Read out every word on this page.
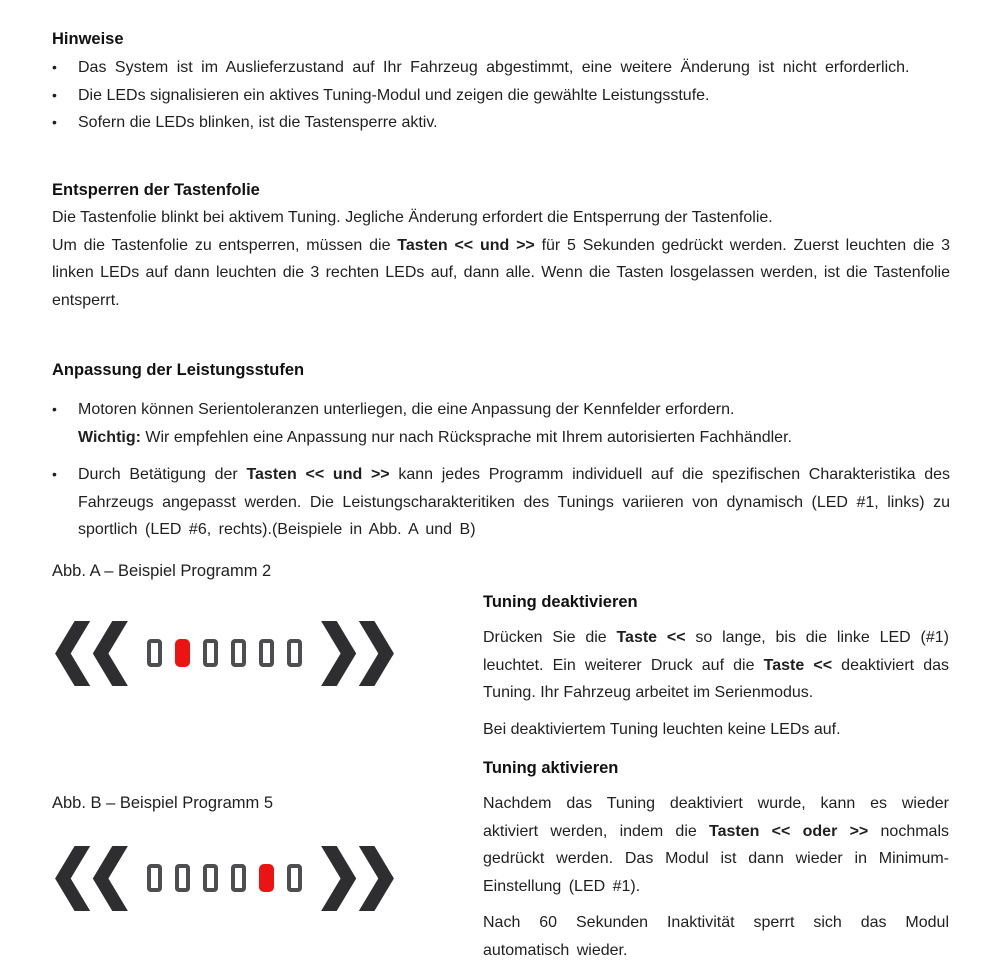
Hinweise
•	Das System ist im Auslieferzustand auf Ihr Fahrzeug abgestimmt, eine weitere Änderung ist nicht erforderlich.
•	Die LEDs signalisieren ein aktives Tuning-Modul und zeigen die gewählte Leistungsstufe.
•	Sofern die LEDs blinken, ist die Tastensperre aktiv.
Entsperren der Tastenfolie

Die Tastenfolie blinkt bei aktivem Tuning. Jegliche Änderung erfordert die Entsperrung der Tastenfolie.

Um die Tastenfolie zu entsperren, müssen die Tasten << und >> für 5 Sekunden gedrückt werden. Zuerst leuchten die 3 linken LEDs auf dann leuchten die 3 rechten LEDs auf, dann alle. Wenn die Tasten losgelassen werden, ist die Tastenfolie entsperrt.

Anpassung der Leistungsstufen
•	Motoren können Serientoleranzen unterliegen, die eine Anpassung der Kennfelder erfordern.
Wichtig: Wir empfehlen eine Anpassung nur nach Rücksprache mit Ihrem autorisierten Fachhändler.
•	Durch Betätigung der Tasten << und >> kann jedes Programm individuell auf die spezifischen Charakteristika des Fahrzeugs angepasst werden. Die Leistungscharakteritiken des Tunings variieren von dynamisch (LED #1, links) zu sportlich (LED #6, rechts).(Beispiele in Abb. A und B)
Abb. A – Beispiel Programm 2
Abb. B – Beispiel Programm 5
Tuning deaktivieren

Drücken Sie die Taste << so lange, bis die linke LED (#1) leuchtet. Ein weiterer Druck auf die Taste << deaktiviert das Tuning. Ihr Fahrzeug arbeitet im Serienmodus.

Bei deaktiviertem Tuning leuchten keine LEDs auf.

Tuning aktivieren

Nachdem das Tuning deaktiviert wurde, kann es wieder aktiviert werden, indem die Tasten << oder >> nochmals gedrückt werden. Das Modul ist dann wieder in Minimum-Einstellung (LED #1).

Nach 60 Sekunden Inaktivität sperrt sich das Modul automatisch wieder.
